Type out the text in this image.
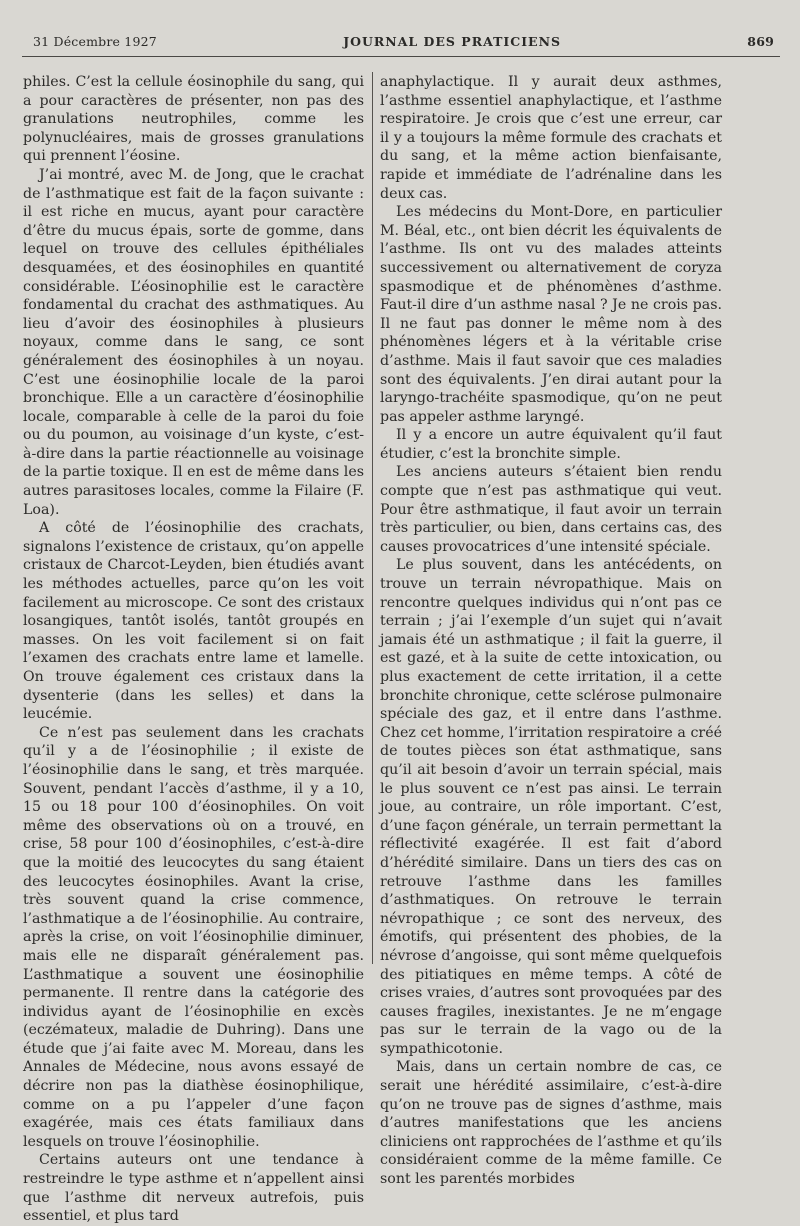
31 Décembre 1927	JOURNAL DES PRATICIENS	869

philes. C’est la cellule éosinophile du sang, qui a pour caractères de présenter, non pas des granulations neutrophiles, comme les polynucléaires, mais de grosses granulations qui prennent l’éosine.

J’ai montré, avec M. de Jong, que le crachat de l’asthmatique est fait de la façon suivante : il est riche en mucus, ayant pour caractère d’être du mucus épais, sorte de gomme, dans lequel on trouve des cellules épithéliales desquamées, et des éosinophiles en quantité considérable. L’éosinophilie est le caractère fondamental du crachat des asthmatiques. Au lieu d’avoir des éosinophiles à plusieurs noyaux, comme dans le sang, ce sont généralement des éosinophiles à un noyau. C’est une éosinophilie locale de la paroi bronchique. Elle a un caractère d’éosinophilie locale, comparable à celle de la paroi du foie ou du poumon, au voisinage d’un kyste, c’est-à-dire dans la partie réactionnelle au voisinage de la partie toxique. Il en est de même dans les autres parasitoses locales, comme la Filaire (F. Loa).

A côté de l’éosinophilie des crachats, signalons l’existence de cristaux, qu’on appelle cristaux de Charcot-Leyden, bien étudiés avant les méthodes actuelles, parce qu’on les voit facilement au microscope. Ce sont des cristaux losangiques, tantôt isolés, tantôt groupés en masses. On les voit facilement si on fait l’examen des crachats entre lame et lamelle. On trouve également ces cristaux dans la dysenterie (dans les selles) et dans la leucémie.

Ce n’est pas seulement dans les crachats qu’il y a de l’éosinophilie ; il existe de l’éosinophilie dans le sang, et très marquée. Souvent, pendant l’accès d’asthme, il y a 10, 15 ou 18 pour 100 d’éosinophiles. On voit même des observations où on a trouvé, en crise, 58 pour 100 d’éosinophiles, c’est-à-dire que la moitié des leucocytes du sang étaient des leucocytes éosinophiles. Avant la crise, très souvent quand la crise commence, l’asthmatique a de l’éosinophilie. Au contraire, après la crise, on voit l’éosinophilie diminuer, mais elle ne disparaît généralement pas. L’asthmatique a souvent une éosinophilie permanente. Il rentre dans la catégorie des individus ayant de l’éosinophilie en excès (eczémateux, maladie de Duhring). Dans une étude que j’ai faite avec M. Moreau, dans les Annales de Médecine, nous avons essayé de décrire non pas la diathèse éosinophilique, comme on a pu l’appeler d’une façon exagérée, mais ces états familiaux dans lesquels on trouve l’éosinophilie.

Certains auteurs ont une tendance à restreindre le type asthme et n’appellent ainsi que l’asthme dit nerveux autrefois, puis essentiel, et plus tard

anaphylactique. Il y aurait deux asthmes, l’asthme essentiel anaphylactique, et l’asthme respiratoire. Je crois que c’est une erreur, car il y a toujours la même formule des crachats et du sang, et la même action bienfaisante, rapide et immédiate de l’adrénaline dans les deux cas.

Les médecins du Mont-Dore, en particulier M. Béal, etc., ont bien décrit les équivalents de l’asthme. Ils ont vu des malades atteints successivement ou alternativement de coryza spasmodique et de phénomènes d’asthme. Faut-il dire d’un asthme nasal ? Je ne crois pas. Il ne faut pas donner le même nom à des phénomènes légers et à la véritable crise d’asthme. Mais il faut savoir que ces maladies sont des équivalents. J’en dirai autant pour la laryngo-trachéite spasmodique, qu’on ne peut pas appeler asthme laryngé.

Il y a encore un autre équivalent qu’il faut étudier, c’est la bronchite simple.

Les anciens auteurs s’étaient bien rendu compte que n’est pas asthmatique qui veut. Pour être asthmatique, il faut avoir un terrain très particulier, ou bien, dans certains cas, des causes provocatrices d’une intensité spéciale.

Le plus souvent, dans les antécédents, on trouve un terrain névropathique. Mais on rencontre quelques individus qui n’ont pas ce terrain ; j’ai l’exemple d’un sujet qui n’avait jamais été un asthmatique ; il fait la guerre, il est gazé, et à la suite de cette intoxication, ou plus exactement de cette irritation, il a cette bronchite chronique, cette sclérose pulmonaire spéciale des gaz, et il entre dans l’asthme. Chez cet homme, l’irritation respiratoire a créé de toutes pièces son état asthmatique, sans qu’il ait besoin d’avoir un terrain spécial, mais le plus souvent ce n’est pas ainsi. Le terrain joue, au contraire, un rôle important. C’est, d’une façon générale, un terrain permettant la réflectivité exagérée. Il est fait d’abord d’hérédité similaire. Dans un tiers des cas on retrouve l’asthme dans les familles d’asthmatiques. On retrouve le terrain névropathique ; ce sont des nerveux, des émotifs, qui présentent des phobies, de la névrose d’angoisse, qui sont même quelquefois des pitiatiques en même temps. A côté de crises vraies, d’autres sont provoquées par des causes fragiles, inexistantes. Je ne m’engage pas sur le terrain de la vago ou de la sympathicotonie.

Mais, dans un certain nombre de cas, ce serait une hérédité assimilaire, c’est-à-dire qu’on ne trouve pas de signes d’asthme, mais d’autres manifestations que les anciens cliniciens ont rapprochées de l’asthme et qu’ils considéraient comme de la même famille. Ce sont les parentés morbides
